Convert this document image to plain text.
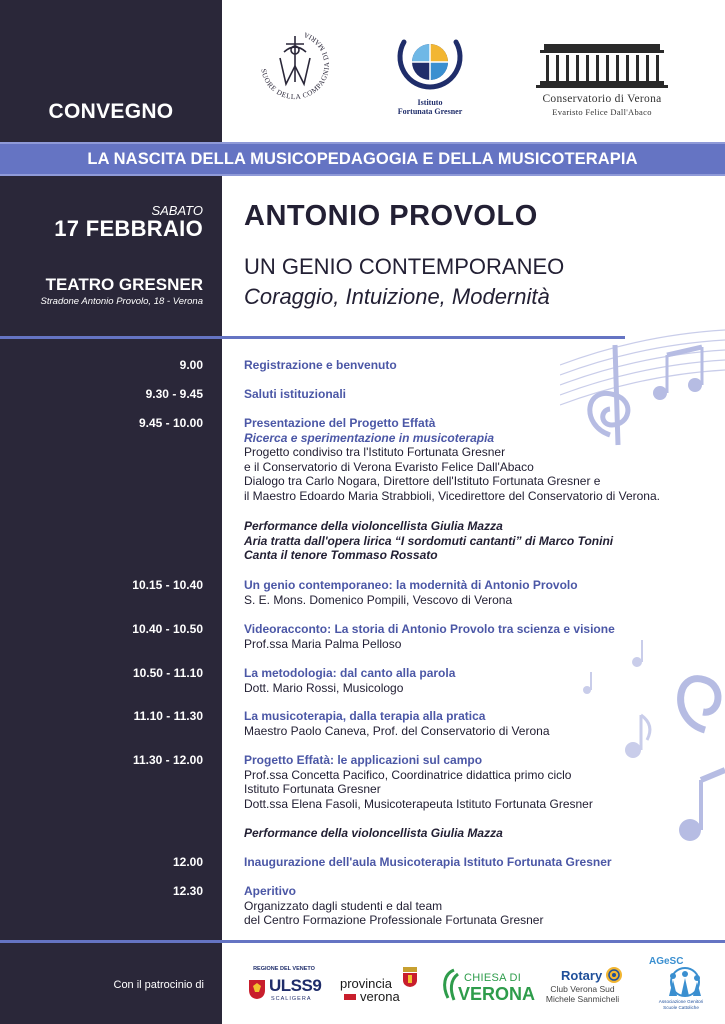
CONVEGNO
SUORE DELLA COMPAGNIA DI MARIA
Istituto
Fortunata Gresner
Conservatorio di Verona
Evaristo Felice Dall'Abaco
LA NASCITA DELLA MUSICOPEDAGOGIA E DELLA MUSICOTERAPIA
SABATO
17 FEBBRAIO
TEATRO GRESNER
Stradone Antonio Provolo, 18 - Verona
ANTONIO PROVOLO
UN GENIO CONTEMPORANEO
Coraggio, Intuizione, Modernità
9.00	Registrazione e benvenuto
9.30 - 9.45	Saluti istituzionali
9.45 - 10.00	Presentazione del Progetto Effatà
Ricerca e sperimentazione in musicoterapia
Progetto condiviso tra l'Istituto Fortunata Gresner
e il Conservatorio di Verona Evaristo Felice Dall'Abaco
Dialogo tra Carlo Nogara, Direttore dell'Istituto Fortunata Gresner e
il Maestro Edoardo Maria Strabbioli, Vicedirettore del Conservatorio di Verona.
Performance della violoncellista Giulia Mazza
Aria tratta dall'opera lirica “I sordomuti cantanti” di Marco Tonini
Canta il tenore Tommaso Rossato
10.15 - 10.40	Un genio contemporaneo: la modernità di Antonio Provolo
S. E. Mons. Domenico Pompili, Vescovo di Verona
10.40 - 10.50	Videoracconto: La storia di Antonio Provolo tra scienza e visione
Prof.ssa Maria Palma Pelloso
10.50 - 11.10	La metodologia: dal canto alla parola
Dott. Mario Rossi, Musicologo
11.10 - 11.30	La musicoterapia, dalla terapia alla pratica
Maestro Paolo Caneva, Prof. del Conservatorio di Verona
11.30 - 12.00	Progetto Effatà: le applicazioni sul campo
Prof.ssa Concetta Pacifico, Coordinatrice didattica primo ciclo
Istituto Fortunata Gresner
Dott.ssa Elena Fasoli, Musicoterapeuta Istituto Fortunata Gresner
Performance della violoncellista Giulia Mazza
12.00	Inaugurazione dell'aula Musicoterapia Istituto Fortunata Gresner
12.30	Aperitivo
Organizzato dagli studenti e dal team
del Centro Formazione Professionale Fortunata Gresner
Con il patrocinio di
REGIONE DEL VENETO
ULSS9
SCALIGERA
provincia
verona
CHIESA DI
VERONA
Rotary
Club Verona Sud
Michele Sanmicheli
AGeSC
Associazione Genitori
Scuole Cattoliche
